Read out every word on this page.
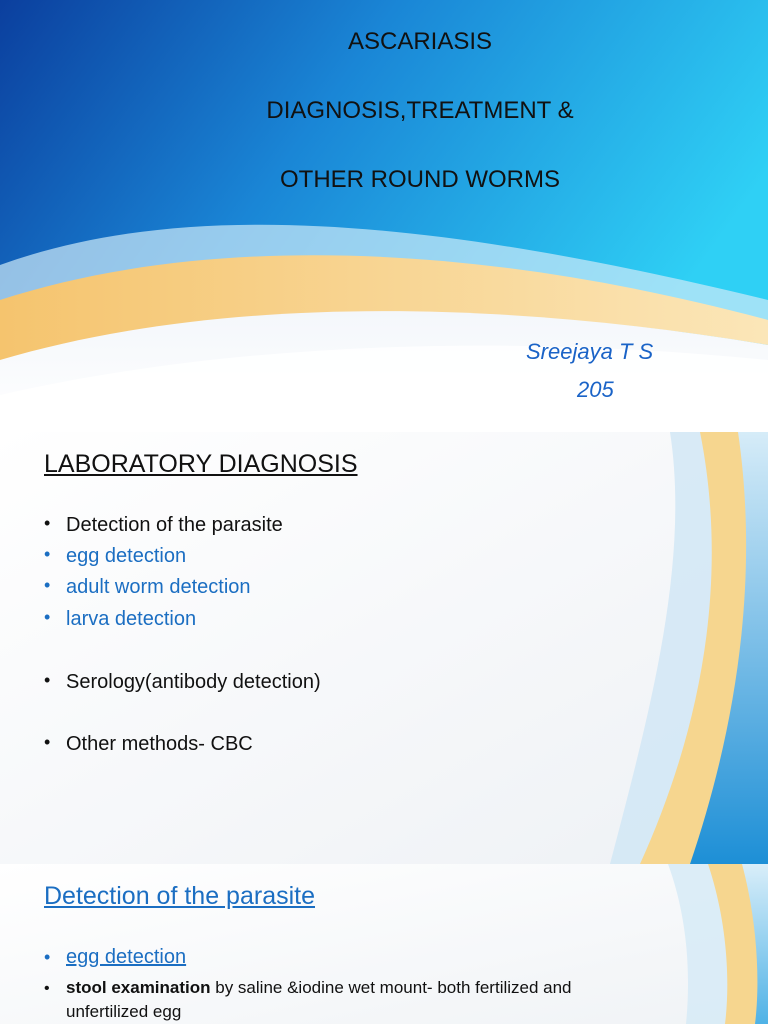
ASCARIASIS
DIAGNOSIS,TREATMENT &
OTHER ROUND WORMS
Sreejaya T S
205
LABORATORY DIAGNOSIS
• Detection of the parasite
• egg detection
• adult worm detection
• larva detection
• Serology(antibody detection)
• Other methods- CBC
Detection of the parasite
• egg detection
• stool examination by saline &iodine wet mount- both fertilized and
unfertilized egg
